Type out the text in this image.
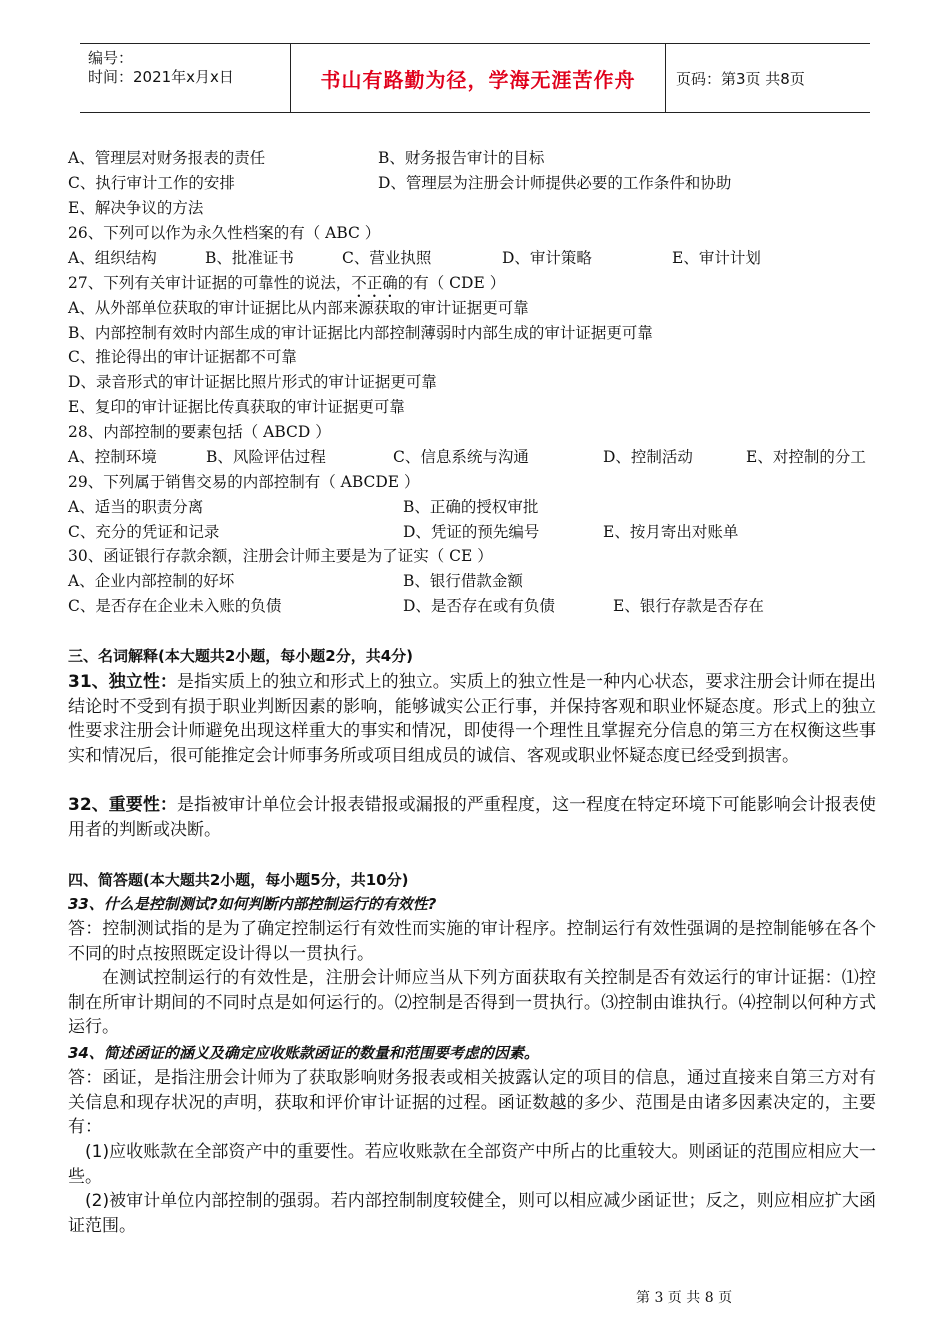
编号：
时间：2021年x月x日	书山有路勤为径，学海无涯苦作舟	页码：第3页 共8页
A、管理层对财务报表的责任	B、财务报告审计的目标
C、执行审计工作的安排	D、管理层为注册会计师提供必要的工作条件和协助
E、解决争议的方法
26、下列可以作为永久性档案的有（ ABC ）
A、组织结构	B、批准证书	C、营业执照	D、审计策略	E、审计计划
27、下列有关审计证据的可靠性的说法，不正确的有（ CDE ）
A、从外部单位获取的审计证据比从内部来源获取的审计证据更可靠
B、内部控制有效时内部生成的审计证据比内部控制薄弱时内部生成的审计证据更可靠
C、推论得出的审计证据都不可靠
D、录音形式的审计证据比照片形式的审计证据更可靠
E、复印的审计证据比传真获取的审计证据更可靠
28、内部控制的要素包括（ ABCD ）
A、控制环境	B、风险评估过程	C、信息系统与沟通	D、控制活动	E、对控制的分工
29、下列属于销售交易的内部控制有（ ABCDE ）
A、适当的职责分离	B、正确的授权审批
C、充分的凭证和记录	D、凭证的预先编号	E、按月寄出对账单
30、函证银行存款余额，注册会计师主要是为了证实（ CE ）
A、企业内部控制的好坏	B、银行借款金额
C、是否存在企业未入账的负债	D、是否存在或有负债	E、银行存款是否存在
三、名词解释(本大题共2小题，每小题2分，共4分)
31、独立性：是指实质上的独立和形式上的独立。实质上的独立性是一种内心状态，要求注册会计师在提出结论时不受到有损于职业判断因素的影响，能够诚实公正行事，并保持客观和职业怀疑态度。形式上的独立性要求注册会计师避免出现这样重大的事实和情况，即使得一个理性且掌握充分信息的第三方在权衡这些事实和情况后，很可能推定会计师事务所或项目组成员的诚信、客观或职业怀疑态度已经受到损害。
32、重要性：是指被审计单位会计报表错报或漏报的严重程度，这一程度在特定环境下可能影响会计报表使用者的判断或决断。
四、简答题(本大题共2小题，每小题5分，共10分)
33、什么是控制测试?如何判断内部控制运行的有效性?
答：控制测试指的是为了确定控制运行有效性而实施的审计程序。控制运行有效性强调的是控制能够在各个不同的时点按照既定设计得以一贯执行。
在测试控制运行的有效性是，注册会计师应当从下列方面获取有关控制是否有效运行的审计证据：⑴控制在所审计期间的不同时点是如何运行的。⑵控制是否得到一贯执行。⑶控制由谁执行。⑷控制以何种方式运行。
34、简述函证的涵义及确定应收账款函证的数量和范围要考虑的因素。
答：函证，是指注册会计师为了获取影响财务报表或相关披露认定的项目的信息，通过直接来自第三方对有关信息和现存状况的声明，获取和评价审计证据的过程。函证数越的多少、范围是由诸多因素决定的，主要有：
(1)应收账款在全部资产中的重要性。若应收账款在全部资产中所占的比重较大。则函证的范围应相应大一些。
(2)被审计单位内部控制的强弱。若内部控制制度较健全，则可以相应减少函证世；反之，则应相应扩大函证范围。
第 3 页 共 8 页
